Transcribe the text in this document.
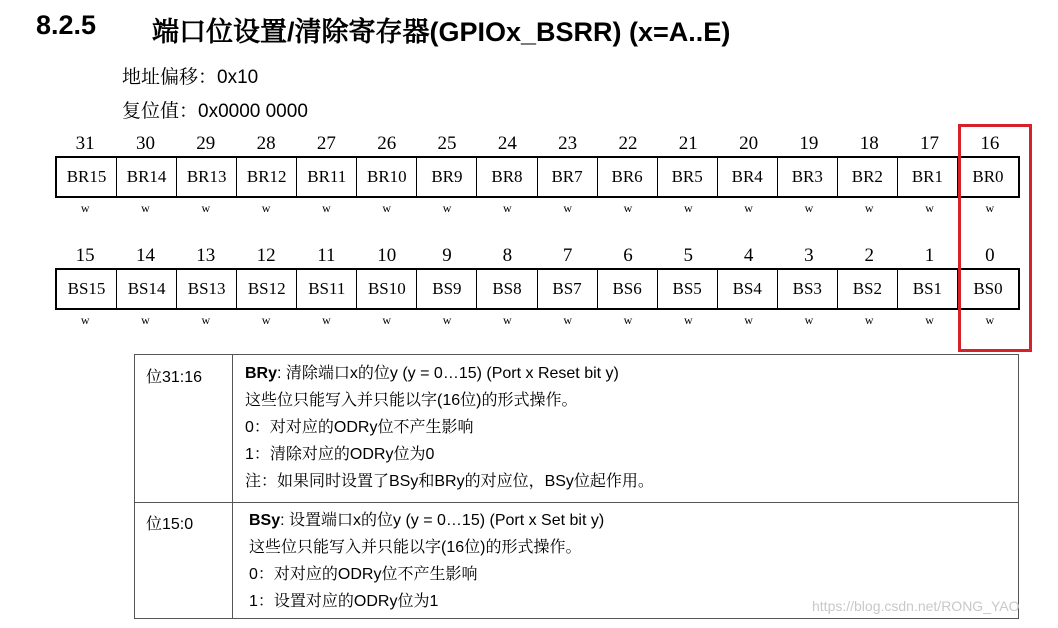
8.2.5 端口位设置/清除寄存器(GPIOx_BSRR) (x=A..E)
地址偏移：0x10
复位值：0x0000 0000
31	30	29	28	27	26	25	24	23	22	21	20	19	18	17	16
BR15	BR14	BR13	BR12	BR11	BR10	BR9	BR8	BR7	BR6	BR5	BR4	BR3	BR2	BR1	BR0
w	w	w	w	w	w	w	w	w	w	w	w	w	w	w	w
15	14	13	12	11	10	9	8	7	6	5	4	3	2	1	0
BS15	BS14	BS13	BS12	BS11	BS10	BS9	BS8	BS7	BS6	BS5	BS4	BS3	BS2	BS1	BS0
w	w	w	w	w	w	w	w	w	w	w	w	w	w	w	w
位31:16	BRy: 清除端口x的位y (y = 0…15) (Port x Reset bit y)
这些位只能写入并只能以字(16位)的形式操作。
0：对对应的ODRy位不产生影响
1：清除对应的ODRy位为0
注：如果同时设置了BSy和BRy的对应位，BSy位起作用。
位15:0	BSy: 设置端口x的位y (y = 0…15) (Port x Set bit y)
这些位只能写入并只能以字(16位)的形式操作。
0：对对应的ODRy位不产生影响
1：设置对应的ODRy位为1	https://blog.csdn.net/RONG_YAO
